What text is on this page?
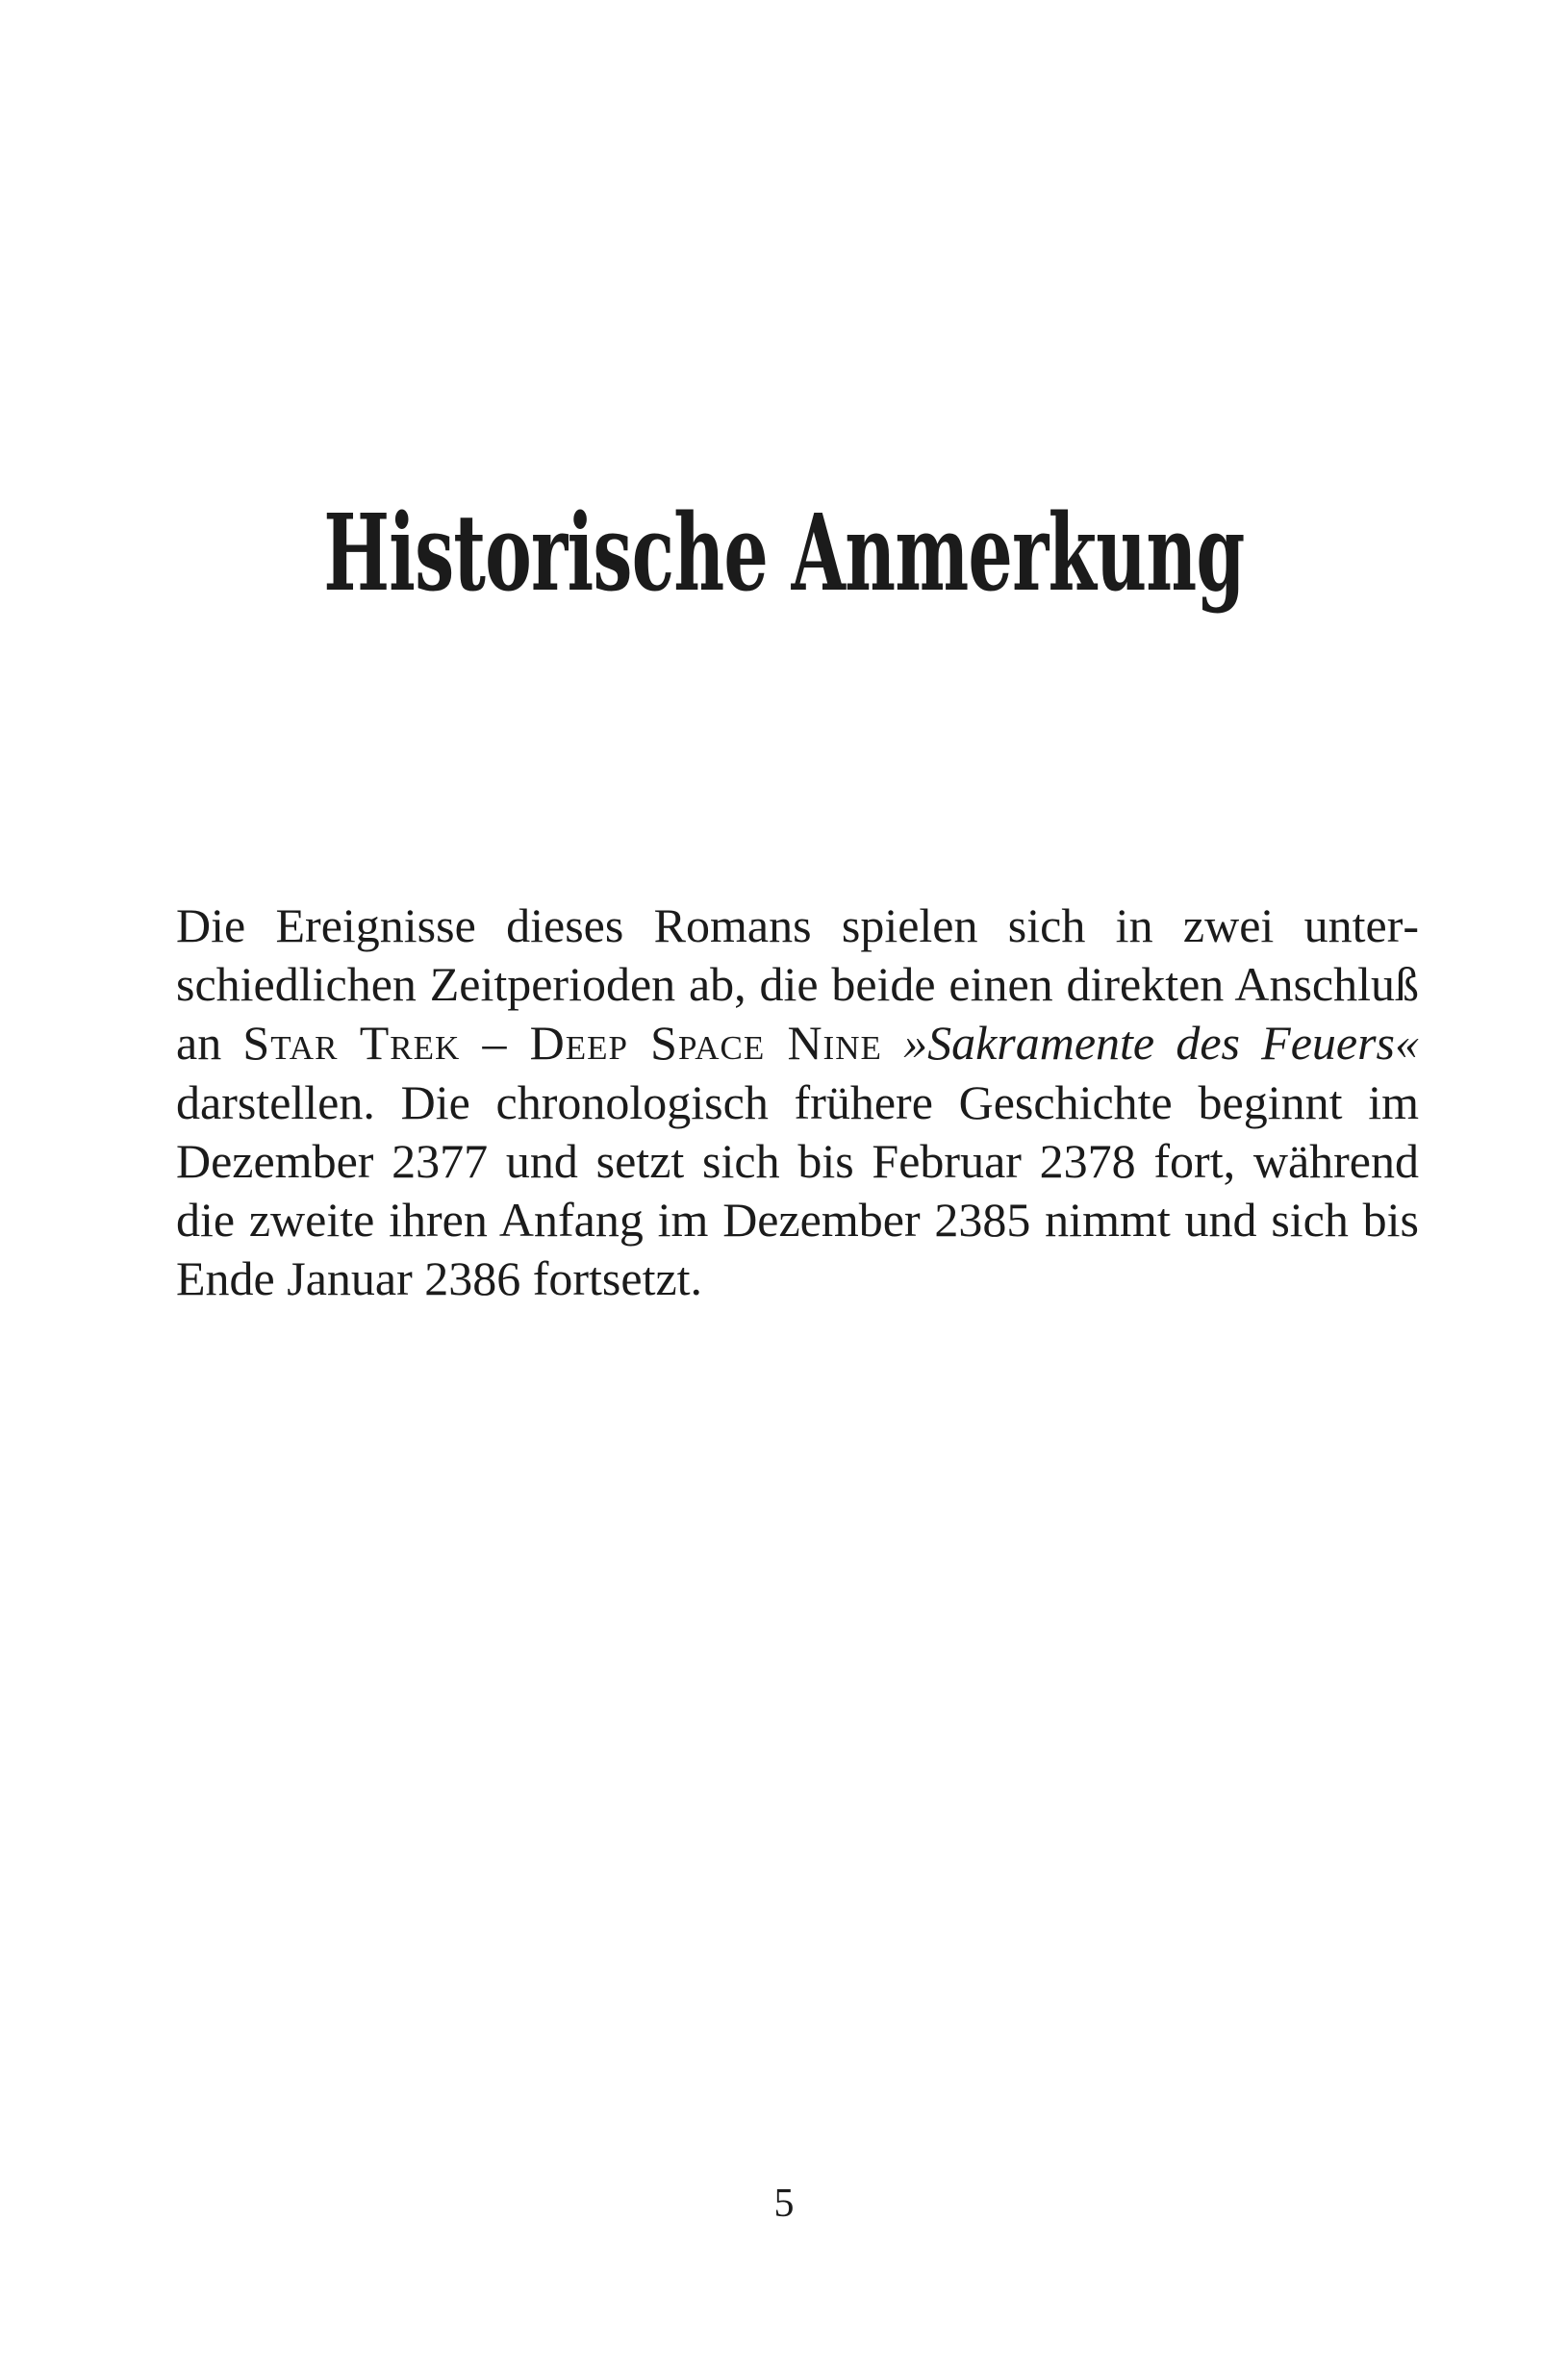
Historische Anmerkung

Die Ereignisse dieses Romans spielen sich in zwei unterschiedlichen Zeitperioden ab, die beide einen direkten Anschluß an Star Trek – Deep Space Nine »Sakramente des Feuers« darstellen. Die chronologisch frühere Geschichte beginnt im Dezember 2377 und setzt sich bis Februar 2378 fort, während die zweite ihren Anfang im Dezember 2385 nimmt und sich bis Ende Januar 2386 fortsetzt.

5
